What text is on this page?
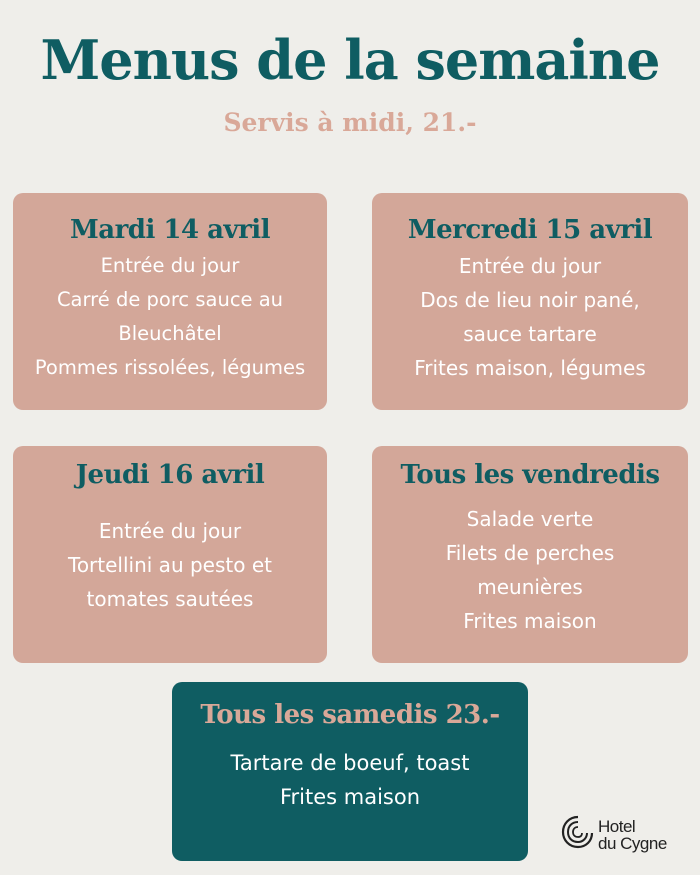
Menus de la semaine
Servis à midi, 21.-
Mardi 14 avril
Entrée du jour
Carré de porc sauce au
Bleuchâtel
Pommes rissolées, légumes
Mercredi 15 avril
Entrée du jour
Dos de lieu noir pané,
sauce tartare
Frites maison, légumes
Jeudi 16 avril
Entrée du jour
Tortellini au pesto et
tomates sautées
Tous les vendredis
Salade verte
Filets de perches
meunières
Frites maison
Tous les samedis 23.-
Tartare de boeuf, toast
Frites maison
Hotel
du Cygne
